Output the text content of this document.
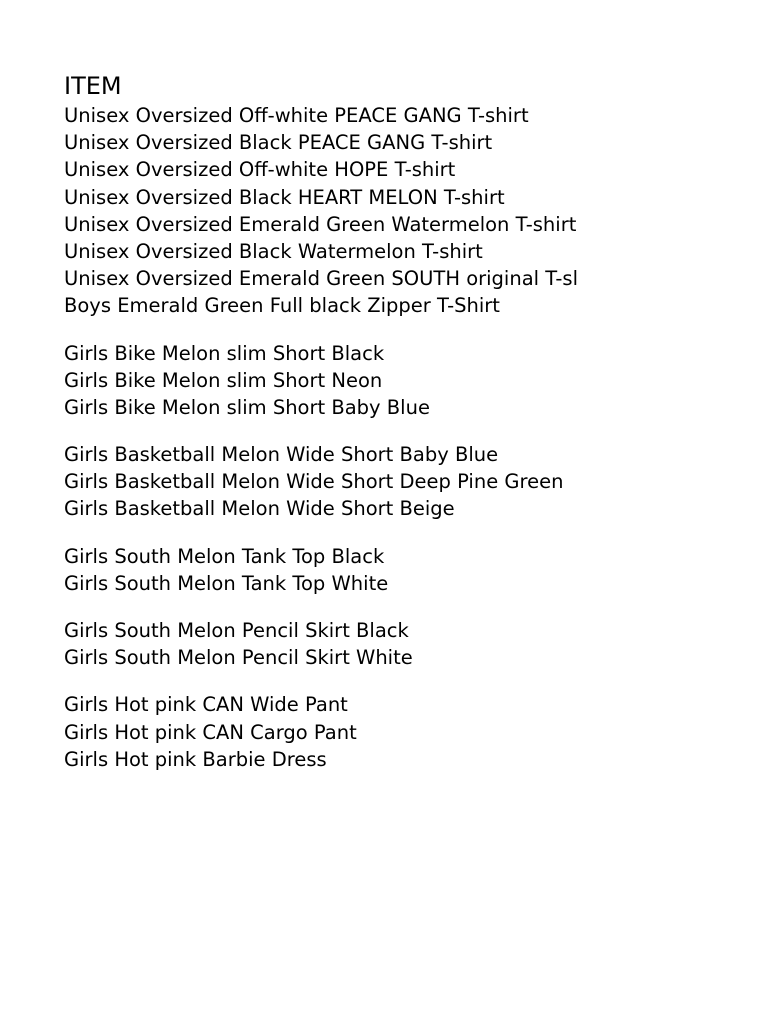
ITEM
Unisex Oversized Off-white PEACE GANG T-shirt
Unisex Oversized Black PEACE GANG T-shirt
Unisex Oversized Off-white HOPE T-shirt
Unisex Oversized Black HEART MELON T-shirt
Unisex Oversized Emerald Green Watermelon T-shirt
Unisex Oversized Black Watermelon T-shirt
Unisex Oversized Emerald Green SOUTH original T-sl
Boys Emerald Green Full black Zipper T-Shirt
Girls Bike Melon slim Short Black
Girls Bike Melon slim Short Neon
Girls Bike Melon slim Short Baby Blue
Girls Basketball Melon Wide Short Baby Blue
Girls Basketball Melon Wide Short Deep Pine Green
Girls Basketball Melon Wide Short Beige
Girls South Melon Tank Top Black
Girls South Melon Tank Top White
Girls South Melon Pencil Skirt Black
Girls South Melon Pencil Skirt White
Girls Hot pink CAN Wide Pant
Girls Hot pink CAN Cargo Pant
Girls Hot pink Barbie Dress
